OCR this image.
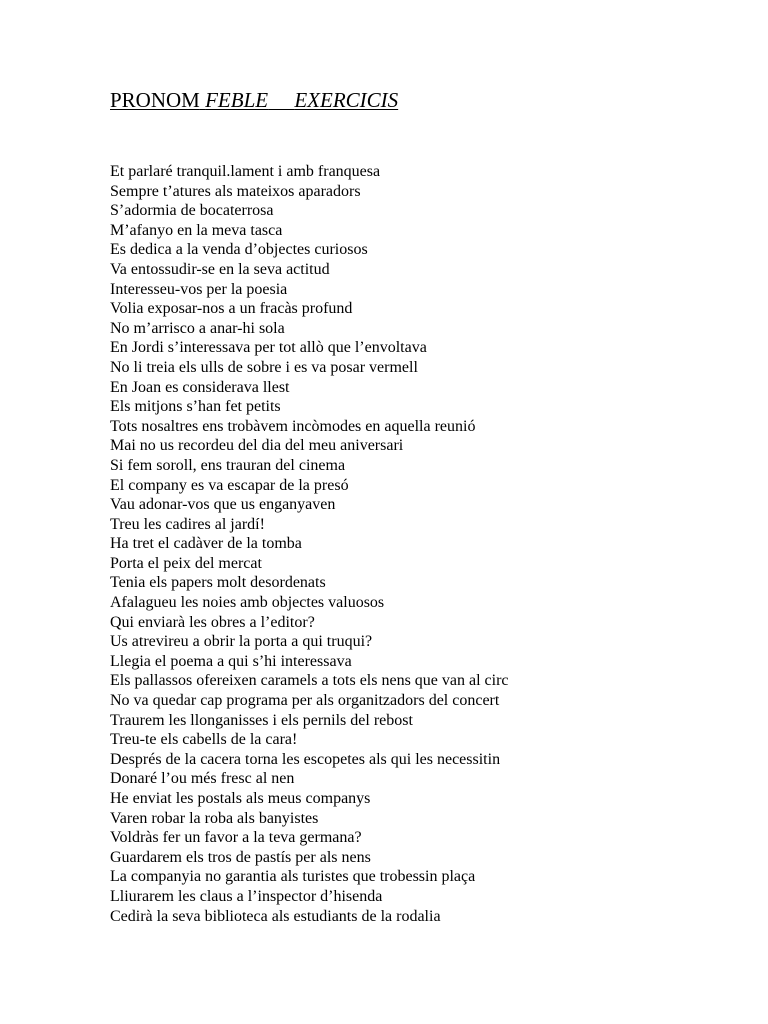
PRONOM FEBLE EXERCICIS
Et parlaré tranquil.lament i amb franquesa
Sempre t’atures als mateixos aparadors
S’adormia de bocaterrosa
M’afanyo en la meva tasca
Es dedica a la venda d’objectes curiosos
Va entossudir-se en la seva actitud
Interesseu-vos per la poesia
Volia exposar-nos a un fracàs profund
No m’arrisco a anar-hi sola
En Jordi s’interessava per tot allò que l’envoltava
No li treia els ulls de sobre i es va posar vermell
En Joan es considerava llest
Els mitjons s’han fet petits
Tots nosaltres ens trobàvem incòmodes en aquella reunió
Mai no us recordeu del dia del meu aniversari
Si fem soroll, ens trauran del cinema
El company es va escapar de la presó
Vau adonar-vos que us enganyaven
Treu les cadires al jardí!
Ha tret el cadàver de la tomba
Porta el peix del mercat
Tenia els papers molt desordenats
Afalagueu les noies amb objectes valuosos
Qui enviarà les obres a l’editor?
Us atrevireu a obrir la porta a qui truqui?
Llegia el poema a qui s’hi interessava
Els pallassos ofereixen caramels a tots els nens que van al circ
No va quedar cap programa per als organitzadors del concert
Traurem les llonganisses i els pernils del rebost
Treu-te els cabells de la cara!
Després de la cacera torna les escopetes als qui les necessitin
Donaré l’ou més fresc al nen
He enviat les postals als meus companys
Varen robar la roba als banyistes
Voldràs fer un favor a la teva germana?
Guardarem els tros de pastís per als nens
La companyia no garantia als turistes que trobessin plaça
Lliurarem les claus a l’inspector d’hisenda
Cedirà la seva biblioteca als estudiants de la rodalia
